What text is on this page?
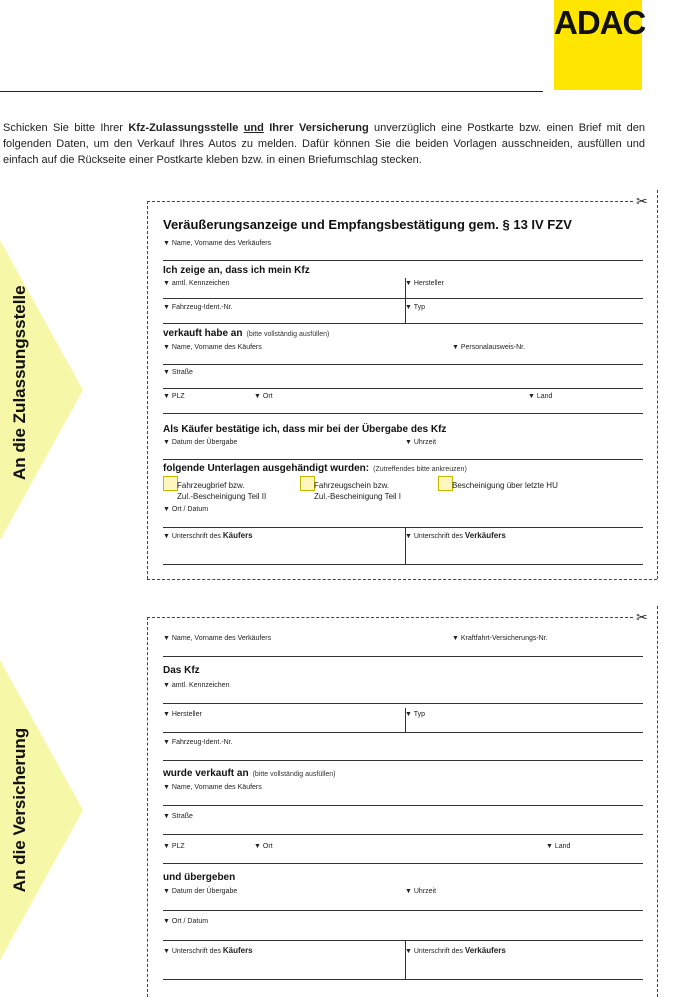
ADAC
Schicken Sie bitte Ihrer Kfz-Zulassungsstelle und Ihrer Versicherung unverzüglich eine Postkarte bzw. einen Brief mit den folgenden Daten, um den Verkauf Ihres Autos zu melden. Dafür können Sie die beiden Vorlagen ausschneiden, ausfüllen und einfach auf die Rückseite einer Postkarte kleben bzw. in einen Briefumschlag stecken.
An die Zulassungsstelle
An die Versicherung
✂
Veräußerungsanzeige und Empfangsbestätigung gem. § 13 IV FZV
▼ Name, Vorname des Verkäufers
Ich zeige an, dass ich mein Kfz
▼ amtl. Kennzeichen	▼ Hersteller
▼ Fahrzeug-Ident.-Nr.	▼ Typ
verkauft habe an (bitte vollständig ausfüllen)
▼ Name, Vorname des Käufers	▼ Personalausweis-Nr.
▼ Straße
▼ PLZ	▼ Ort	▼ Land
Als Käufer bestätige ich, dass mir bei der Übergabe des Kfz
▼ Datum der Übergabe	▼ Uhrzeit
folgende Unterlagen ausgehändigt wurden: (Zutreffendes bitte ankreuzen)
Fahrzeugbrief bzw.
Zul.-Bescheinigung Teil II
Fahrzeugschein bzw.
Zul.-Bescheinigung Teil I
Bescheinigung über letzte HU
▼ Ort / Datum
▼ Unterschrift des Käufers	▼ Unterschrift des Verkäufers
✂
▼ Name, Vorname des Verkäufers	▼ Kraftfahrt-Versicherungs-Nr.
Das Kfz
▼ amtl. Kennzeichen
▼ Hersteller	▼ Typ
▼ Fahrzeug-Ident.-Nr.
wurde verkauft an (bitte vollständig ausfüllen)
▼ Name, Vorname des Käufers
▼ Straße
▼ PLZ	▼ Ort	▼ Land
und übergeben
▼ Datum der Übergabe	▼ Uhrzeit
▼ Ort / Datum
▼ Unterschrift des Käufers	▼ Unterschrift des Verkäufers
